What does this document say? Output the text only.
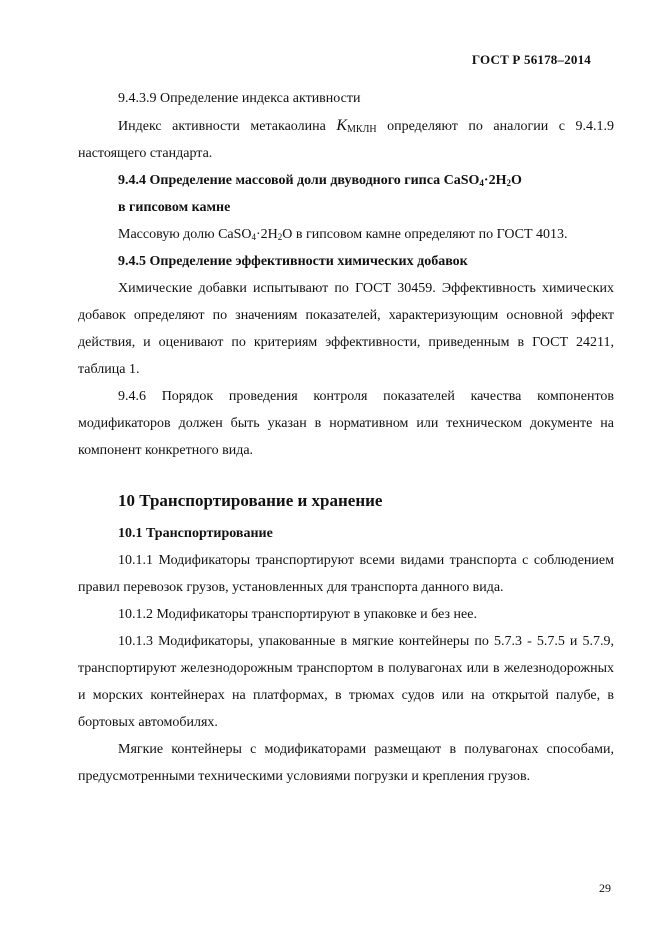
ГОСТ Р 56178–2014

9.4.3.9 Определение индекса активности

Индекс активности метакаолина KМКЛН определяют по аналогии с 9.4.1.9 настоящего стандарта.

9.4.4 Определение массовой доли двуводного гипса $CaSO_4\cdot 2H_2O$

в гипсовом камне

Массовую долю $CaSO_4\cdot 2H_2O$ в гипсовом камне определяют по ГОСТ 4013.

9.4.5 Определение эффективности химических добавок

Химические добавки испытывают по ГОСТ 30459. Эффективность химических добавок определяют по значениям показателей, характеризующим основной эффект действия, и оценивают по критериям эффективности, приведенным в ГОСТ 24211, таблица 1.

9.4.6 Порядок проведения контроля показателей качества компонентов модификаторов должен быть указан в нормативном или техническом документе на компонент конкретного вида.

10 Транспортирование и хранение

10.1 Транспортирование

10.1.1 Модификаторы транспортируют всеми видами транспорта с соблюдением правил перевозок грузов, установленных для транспорта данного вида.

10.1.2 Модификаторы транспортируют в упаковке и без нее.

10.1.3 Модификаторы, упакованные в мягкие контейнеры по 5.7.3 - 5.7.5 и 5.7.9, транспортируют железнодорожным транспортом в полувагонах или в железнодорожных и морских контейнерах на платформах, в трюмах судов или на открытой палубе, в бортовых автомобилях.

Мягкие контейнеры с модификаторами размещают в полувагонах способами, предусмотренными техническими условиями погрузки и крепления грузов.

29
